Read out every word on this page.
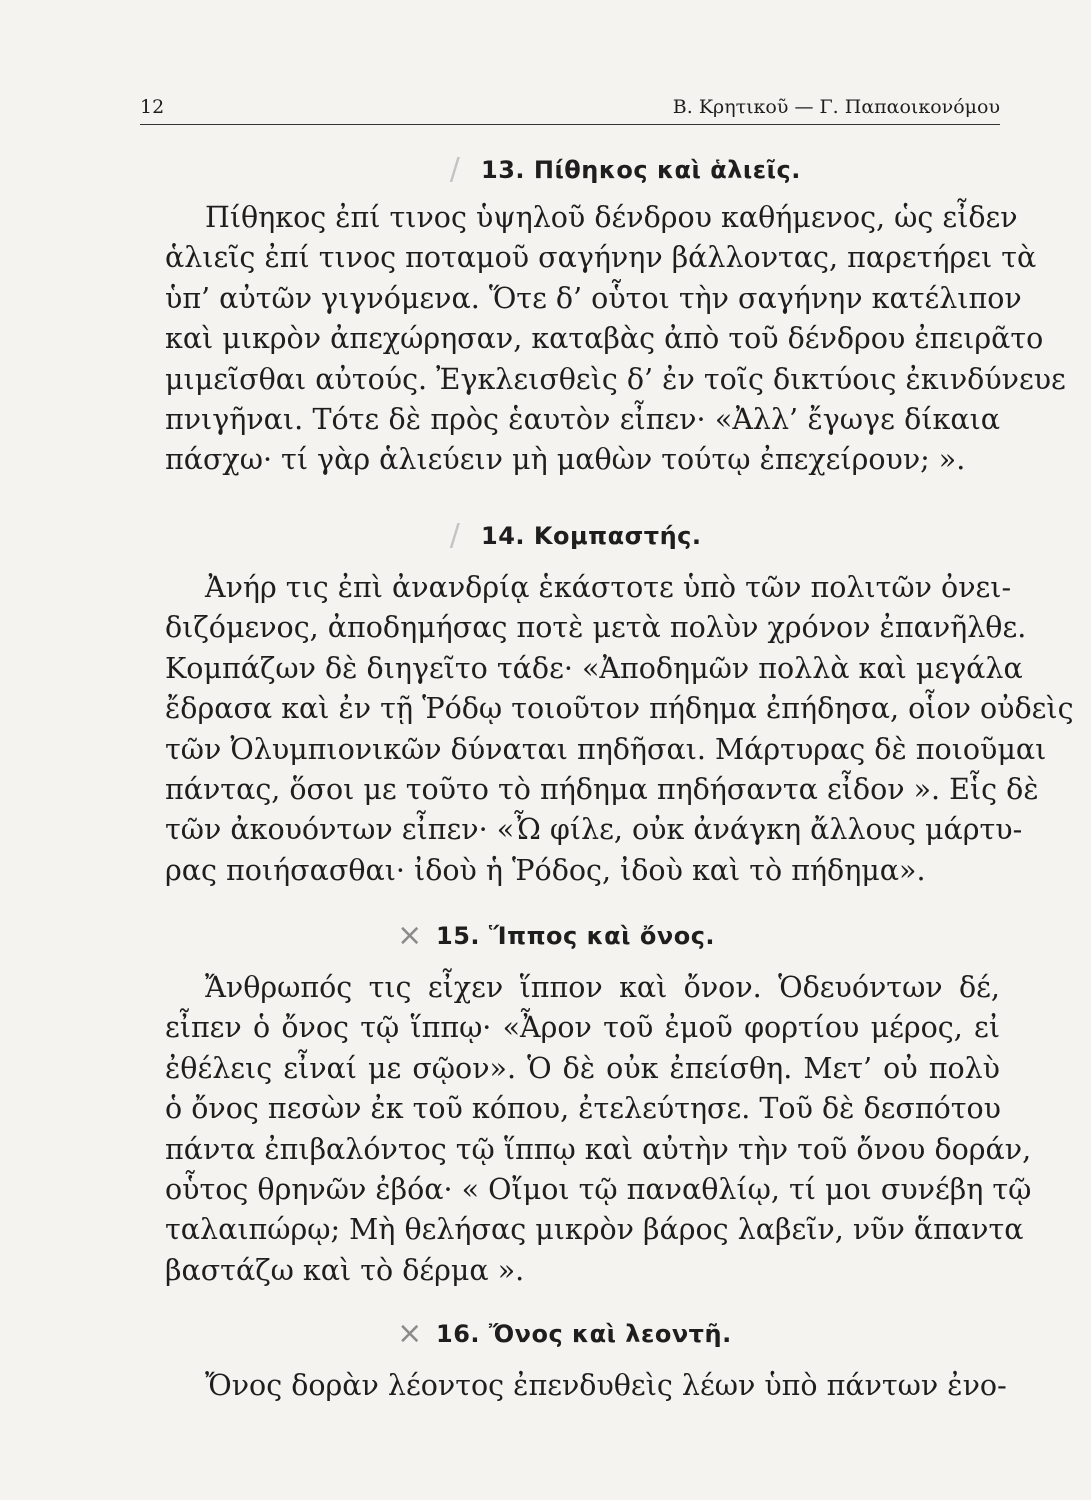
12	Β. Κρητικοῦ — Γ. Παπαοικονόμου
/ 13. Πίθηκος καὶ ἁλιεῖς.

Πίθηκος ἐπί τινος ὑψηλοῦ δένδρου καθήμενος, ὡς εἶδεν
ἁλιεῖς ἐπί τινος ποταμοῦ σαγήνην βάλλοντας, παρετήρει τὰ
ὑπ’ αὐτῶν γιγνόμενα. Ὅτε δ’ οὗτοι τὴν σαγήνην κατέλιπον
καὶ μικρὸν ἀπεχώρησαν, καταβὰς ἀπὸ τοῦ δένδρου ἐπειρᾶτο
μιμεῖσθαι αὐτούς. Ἐγκλεισθεὶς δ’ ἐν τοῖς δικτύοις ἐκινδύνευε
πνιγῆναι. Τότε δὲ πρὸς ἑαυτὸν εἶπεν· «Ἀλλ’ ἔγωγε δίκαια
πάσχω· τί γὰρ ἁλιεύειν μὴ μαθὼν τούτῳ ἐπεχείρουν; ».

/ 14. Κομπαστής.

Ἀνήρ τις ἐπὶ ἀνανδρίᾳ ἑκάστοτε ὑπὸ τῶν πολιτῶν ὀνει-
διζόμενος, ἀποδημήσας ποτὲ μετὰ πολὺν χρόνον ἐπανῆλθε.
Κομπάζων δὲ διηγεῖτο τάδε· «Ἀποδημῶν πολλὰ καὶ μεγάλα
ἔδρασα καὶ ἐν τῇ Ῥόδῳ τοιοῦτον πήδημα ἐπήδησα, οἷον οὐδεὶς
τῶν Ὀλυμπιονικῶν δύναται πηδῆσαι. Μάρτυρας δὲ ποιοῦμαι
πάντας, ὅσοι με τοῦτο τὸ πήδημα πηδήσαντα εἶδον ». Εἷς δὲ
τῶν ἀκουόντων εἶπεν· «Ὦ φίλε, οὐκ ἀνάγκη ἄλλους μάρτυ-
ρας ποιήσασθαι· ἰδοὺ ἡ Ῥόδος, ἰδοὺ καὶ τὸ πήδημα».

× 15. Ἵππος καὶ ὄνος.

Ἄνθρωπός τις εἶχεν ἵππον καὶ ὄνον. Ὁδευόντων δέ,
εἶπεν ὁ ὄνος τῷ ἵππῳ· «Ἆρον τοῦ ἐμοῦ φορτίου μέρος, εἰ
ἐθέλεις εἶναί με σῷον». Ὁ δὲ οὐκ ἐπείσθη. Μετ’ οὐ πολὺ
ὁ ὄνος πεσὼν ἐκ τοῦ κόπου, ἐτελεύτησε. Τοῦ δὲ δεσπότου
πάντα ἐπιβαλόντος τῷ ἵππῳ καὶ αὐτὴν τὴν τοῦ ὄνου δοράν,
οὗτος θρηνῶν ἐβόα· « Οἴμοι τῷ παναθλίῳ, τί μοι συνέβη τῷ
ταλαιπώρῳ; Μὴ θελήσας μικρὸν βάρος λαβεῖν, νῦν ἅπαντα
βαστάζω καὶ τὸ δέρμα ».

× 16. Ὄνος καὶ λεοντῆ.

Ὄνος δορὰν λέοντος ἐπενδυθεὶς λέων ὑπὸ πάντων ἐνο-
